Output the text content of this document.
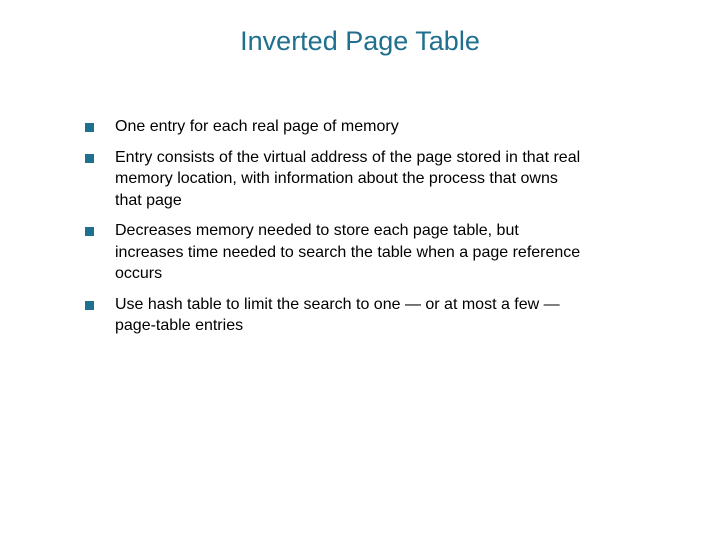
Inverted Page Table
One entry for each real page of memory
Entry consists of the virtual address of the page stored in that real memory location, with information about the process that owns that page
Decreases memory needed to store each page table, but increases time needed to search the table when a page reference occurs
Use hash table to limit the search to one — or at most a few — page-table entries
